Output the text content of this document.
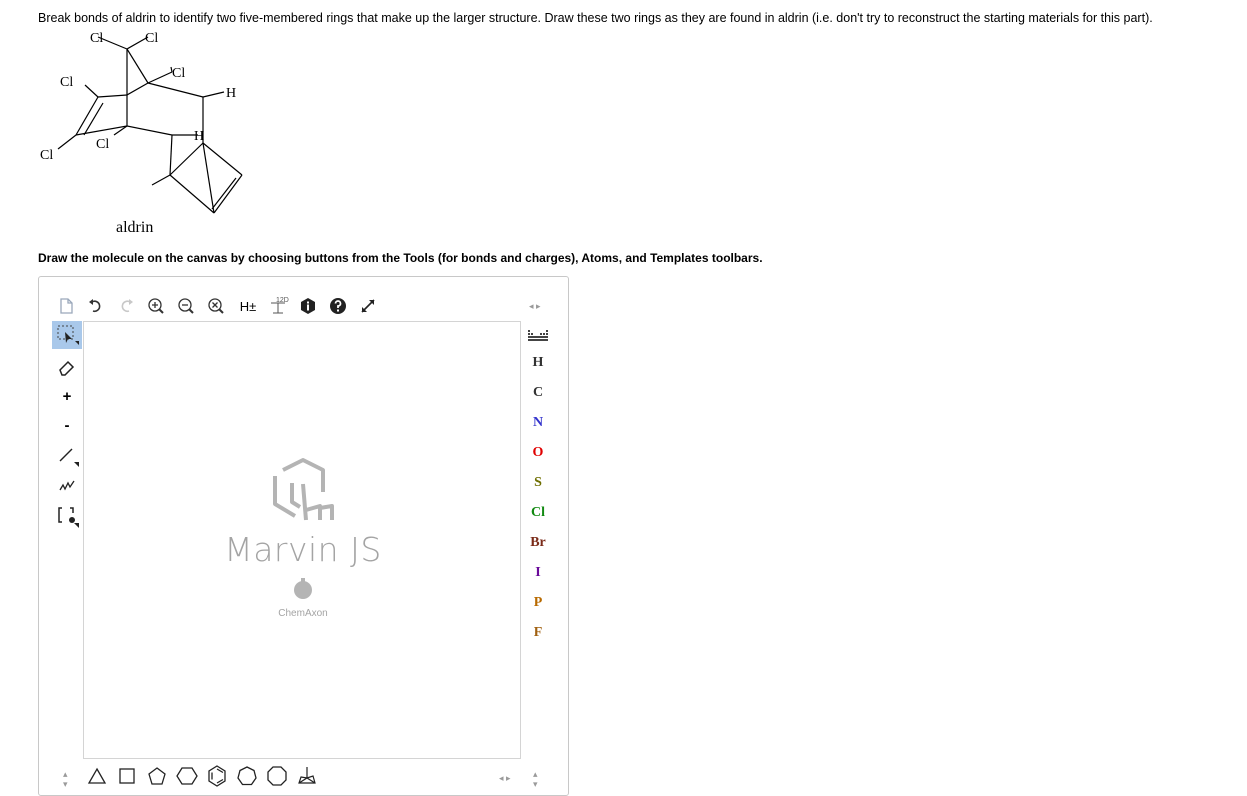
Break bonds of aldrin to identify two five-membered rings that make up the larger structure. Draw these two rings as they are found in aldrin (i.e. don't try to reconstruct the starting materials for this part).
Cl	Cl
Cl
Cl
H
H
Cl
Cl
aldrin
Draw the molecule on the canvas by choosing buttons from the Tools (for bonds and charges), Atoms, and Templates toolbars.
H±	12D
◂ ▸
+
-
Marvin JS
ChemAxon
H
C
N
O
S
Cl
Br
I
P
F
▴
▾
◂ ▸ ▴
▾
